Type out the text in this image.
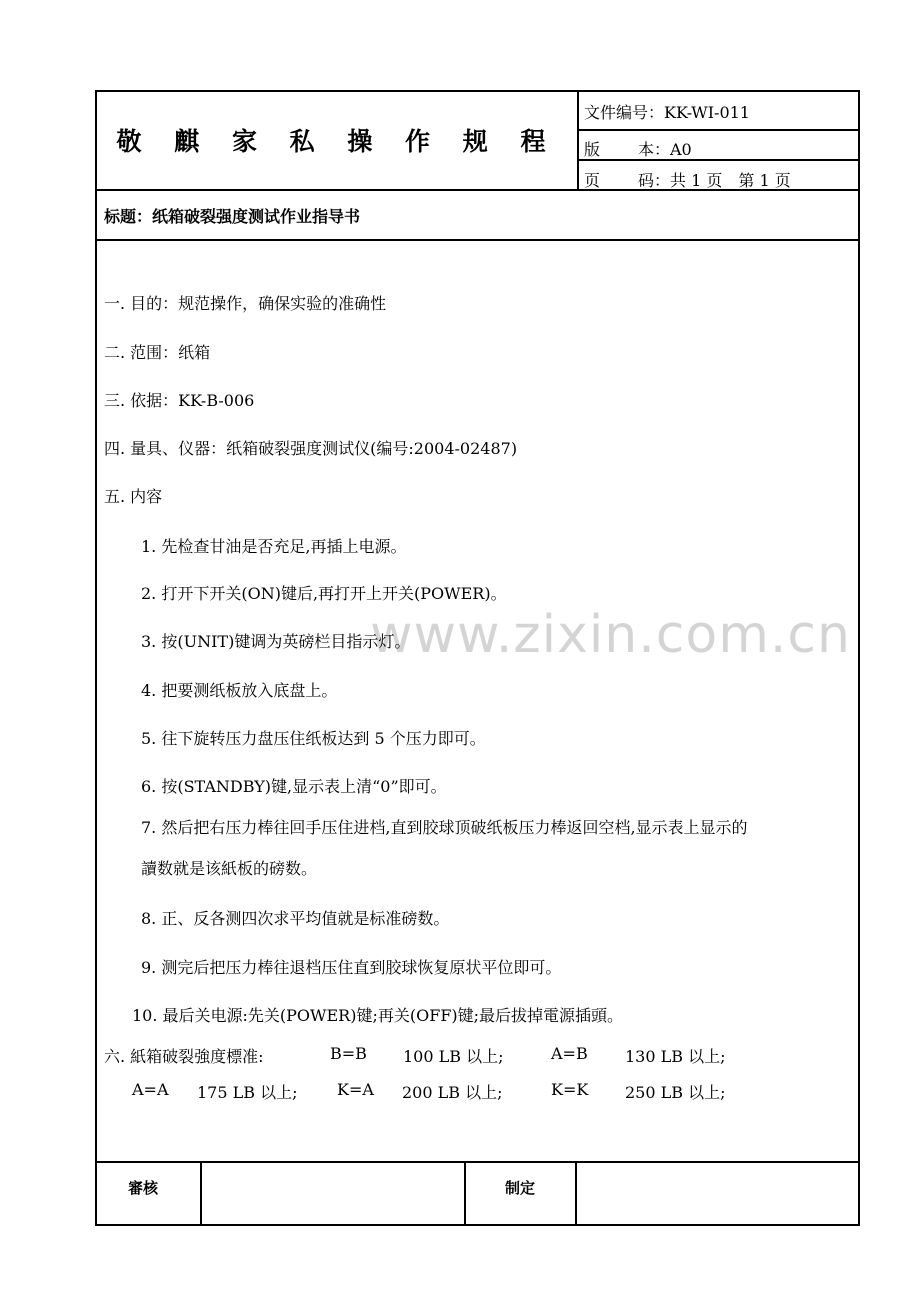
www.zixin.com.cn
敬 麒 家 私 操 作 规 程
文件编号：KK-WI-011
版 本：A0
页 码：共 1 页　第 1 页
标题：纸箱破裂强度测试作业指导书
一. 目的：规范操作，确保实验的准确性
二. 范围：纸箱
三. 依据：KK-B-006
四. 量具、仪器：纸箱破裂强度测试仪(编号:2004-02487)
五. 内容
1. 先检查甘油是否充足,再插上电源。
2. 打开下开关(ON)键后,再打开上开关(POWER)。
3. 按(UNIT)键调为英磅栏目指示灯。
4. 把要测纸板放入底盘上。
5. 往下旋转压力盘压住纸板达到 5 个压力即可。
6. 按(STANDBY)键,显示表上清“0”即可。
7. 然后把右压力棒往回手压住进档,直到胶球顶破纸板压力棒返回空档,显示表上显示的
讀数就是该紙板的磅数。
8. 正、反各测四次求平均值就是标准磅数。
9. 测完后把压力棒往退档压住直到胶球恢复原状平位即可。
10. 最后关电源:先关(POWER)键;再关(OFF)键;最后拔掉電源插頭。
六. 紙箱破裂強度標准:	B=B 100 LB 以上;	A=B 130 LB 以上;
A=A 175 LB 以上; K=A 200 LB 以上;	K=K 250 LB 以上;
審核	制定
